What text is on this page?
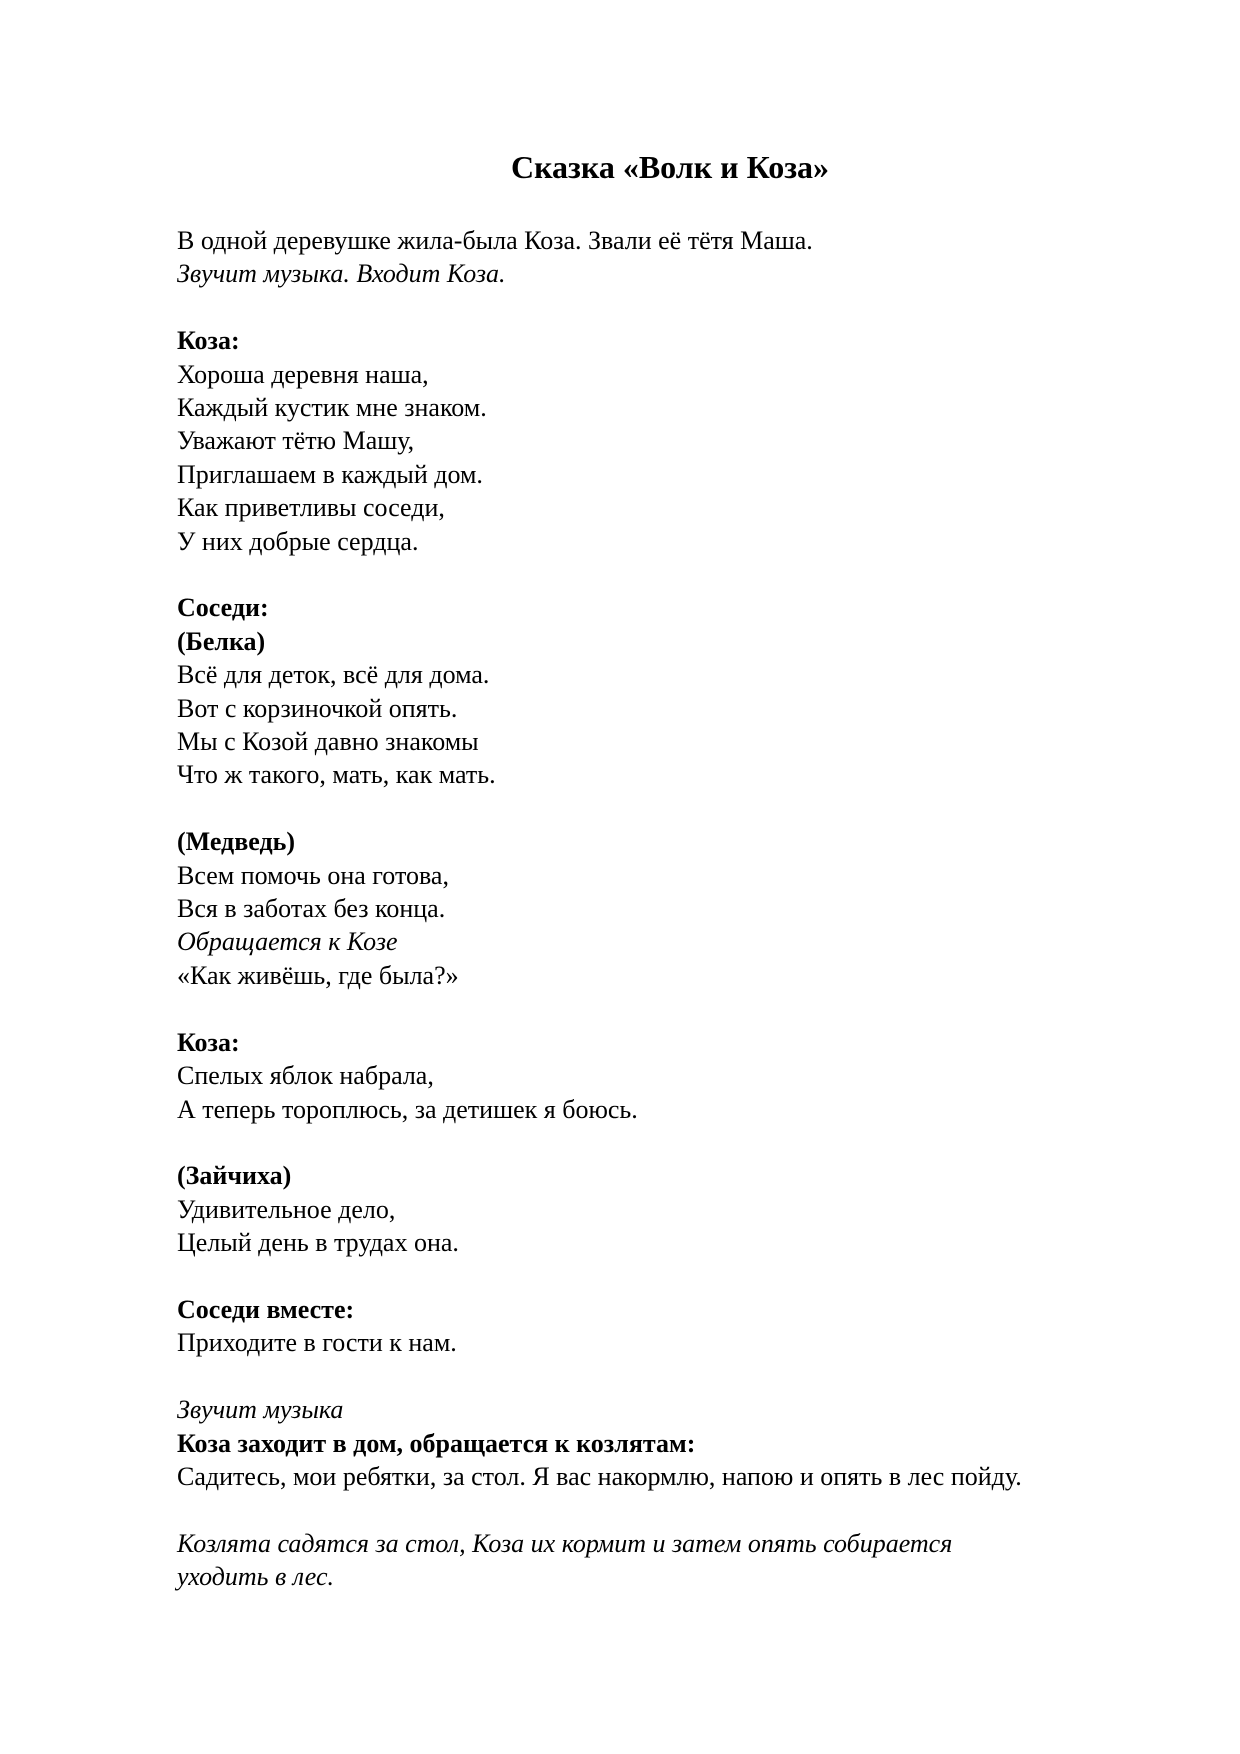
Сказка «Волк и Коза»
В одной деревушке жила-была Коза. Звали её тётя Маша.
Звучит музыка. Входит Коза.
Коза:
Хороша деревня наша,
Каждый кустик мне знаком.
Уважают тётю Машу,
Приглашаем в каждый дом.
Как приветливы соседи,
У них добрые сердца.
Соседи:
(Белка)
Всё для деток, всё для дома.
Вот с корзиночкой опять.
Мы с Козой давно знакомы
Что ж такого, мать, как мать.
(Медведь)
Всем помочь она готова,
Вся в заботах без конца.
Обращается к Козе
«Как живёшь, где была?»
Коза:
Спелых яблок набрала,
А теперь тороплюсь, за детишек я боюсь.
(Зайчиха)
Удивительное дело,
Целый день в трудах она.
Соседи вместе:
Приходите в гости к нам.
Звучит музыка
Коза заходит в дом, обращается к козлятам:
Садитесь, мои ребятки, за стол. Я вас накормлю, напою и опять в лес пойду.
Козлята садятся за стол, Коза их кормит и затем опять собирается
уходить в лес.
